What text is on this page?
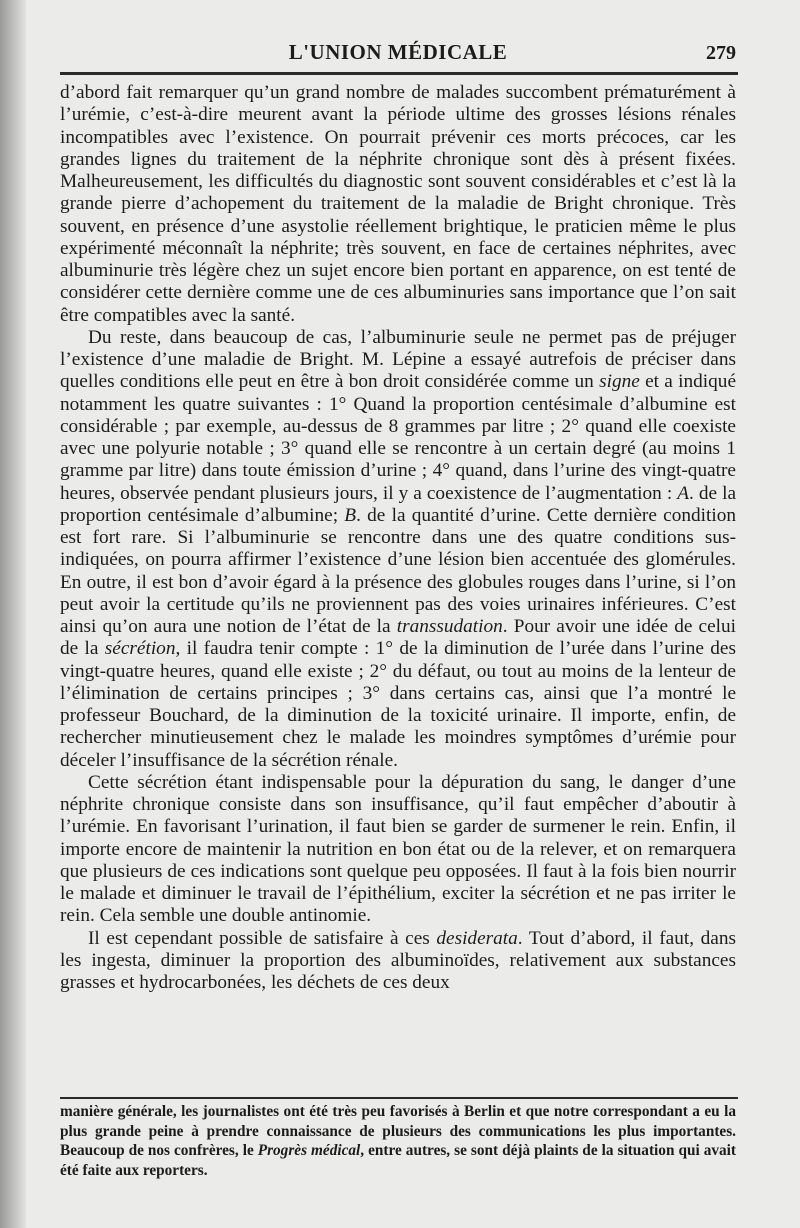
L'UNION MÉDICALE	279

d’abord fait remarquer qu’un grand nombre de malades succombent prématurément à l’urémie, c’est-à-dire meurent avant la période ultime des grosses lésions rénales incompatibles avec l’existence. On pourrait prévenir ces morts précoces, car les grandes lignes du traitement de la néphrite chronique sont dès à présent fixées. Malheureusement, les difficultés du diagnostic sont souvent considérables et c’est là la grande pierre d’achopement du traitement de la maladie de Bright chronique. Très souvent, en présence d’une asystolie réellement brightique, le praticien même le plus expérimenté méconnaît la néphrite; très souvent, en face de certaines néphrites, avec albuminurie très légère chez un sujet encore bien portant en apparence, on est tenté de considérer cette dernière comme une de ces albuminuries sans importance que l’on sait être compatibles avec la santé.

Du reste, dans beaucoup de cas, l’albuminurie seule ne permet pas de préjuger l’existence d’une maladie de Bright. M. Lépine a essayé autrefois de préciser dans quelles conditions elle peut en être à bon droit considérée comme un signe et a indiqué notamment les quatre suivantes : 1° Quand la proportion centésimale d’albumine est considérable ; par exemple, au-dessus de 8 grammes par litre ; 2° quand elle coexiste avec une polyurie notable ; 3° quand elle se rencontre à un certain degré (au moins 1 gramme par litre) dans toute émission d’urine ; 4° quand, dans l’urine des vingt-quatre heures, observée pendant plusieurs jours, il y a coexistence de l’augmentation : A. de la proportion centésimale d’albumine; B. de la quantité d’urine. Cette dernière condition est fort rare. Si l’albuminurie se rencontre dans une des quatre conditions sus-indiquées, on pourra affirmer l’existence d’une lésion bien accentuée des glomérules. En outre, il est bon d’avoir égard à la présence des globules rouges dans l’urine, si l’on peut avoir la certitude qu’ils ne proviennent pas des voies urinaires inférieures. C’est ainsi qu’on aura une notion de l’état de la transsudation. Pour avoir une idée de celui de la sécrétion, il faudra tenir compte : 1° de la diminution de l’urée dans l’urine des vingt-quatre heures, quand elle existe ; 2° du défaut, ou tout au moins de la lenteur de l’élimination de certains principes ; 3° dans certains cas, ainsi que l’a montré le professeur Bouchard, de la diminution de la toxicité urinaire. Il importe, enfin, de rechercher minutieusement chez le malade les moindres symptômes d’urémie pour déceler l’insuffisance de la sécrétion rénale.

Cette sécrétion étant indispensable pour la dépuration du sang, le danger d’une néphrite chronique consiste dans son insuffisance, qu’il faut empêcher d’aboutir à l’urémie. En favorisant l’urination, il faut bien se garder de surmener le rein. Enfin, il importe encore de maintenir la nutrition en bon état ou de la relever, et on remarquera que plusieurs de ces indications sont quelque peu opposées. Il faut à la fois bien nourrir le malade et diminuer le travail de l’épithélium, exciter la sécrétion et ne pas irriter le rein. Cela semble une double antinomie.

Il est cependant possible de satisfaire à ces desiderata. Tout d’abord, il faut, dans les ingesta, diminuer la proportion des albuminoïdes, relativement aux substances grasses et hydrocarbonées, les déchets de ces deux

manière générale, les journalistes ont été très peu favorisés à Berlin et que notre correspondant a eu la plus grande peine à prendre connaissance de plusieurs des communications les plus importantes. Beaucoup de nos confrères, le Progrès médical, entre autres, se sont déjà plaints de la situation qui avait été faite aux reporters.
